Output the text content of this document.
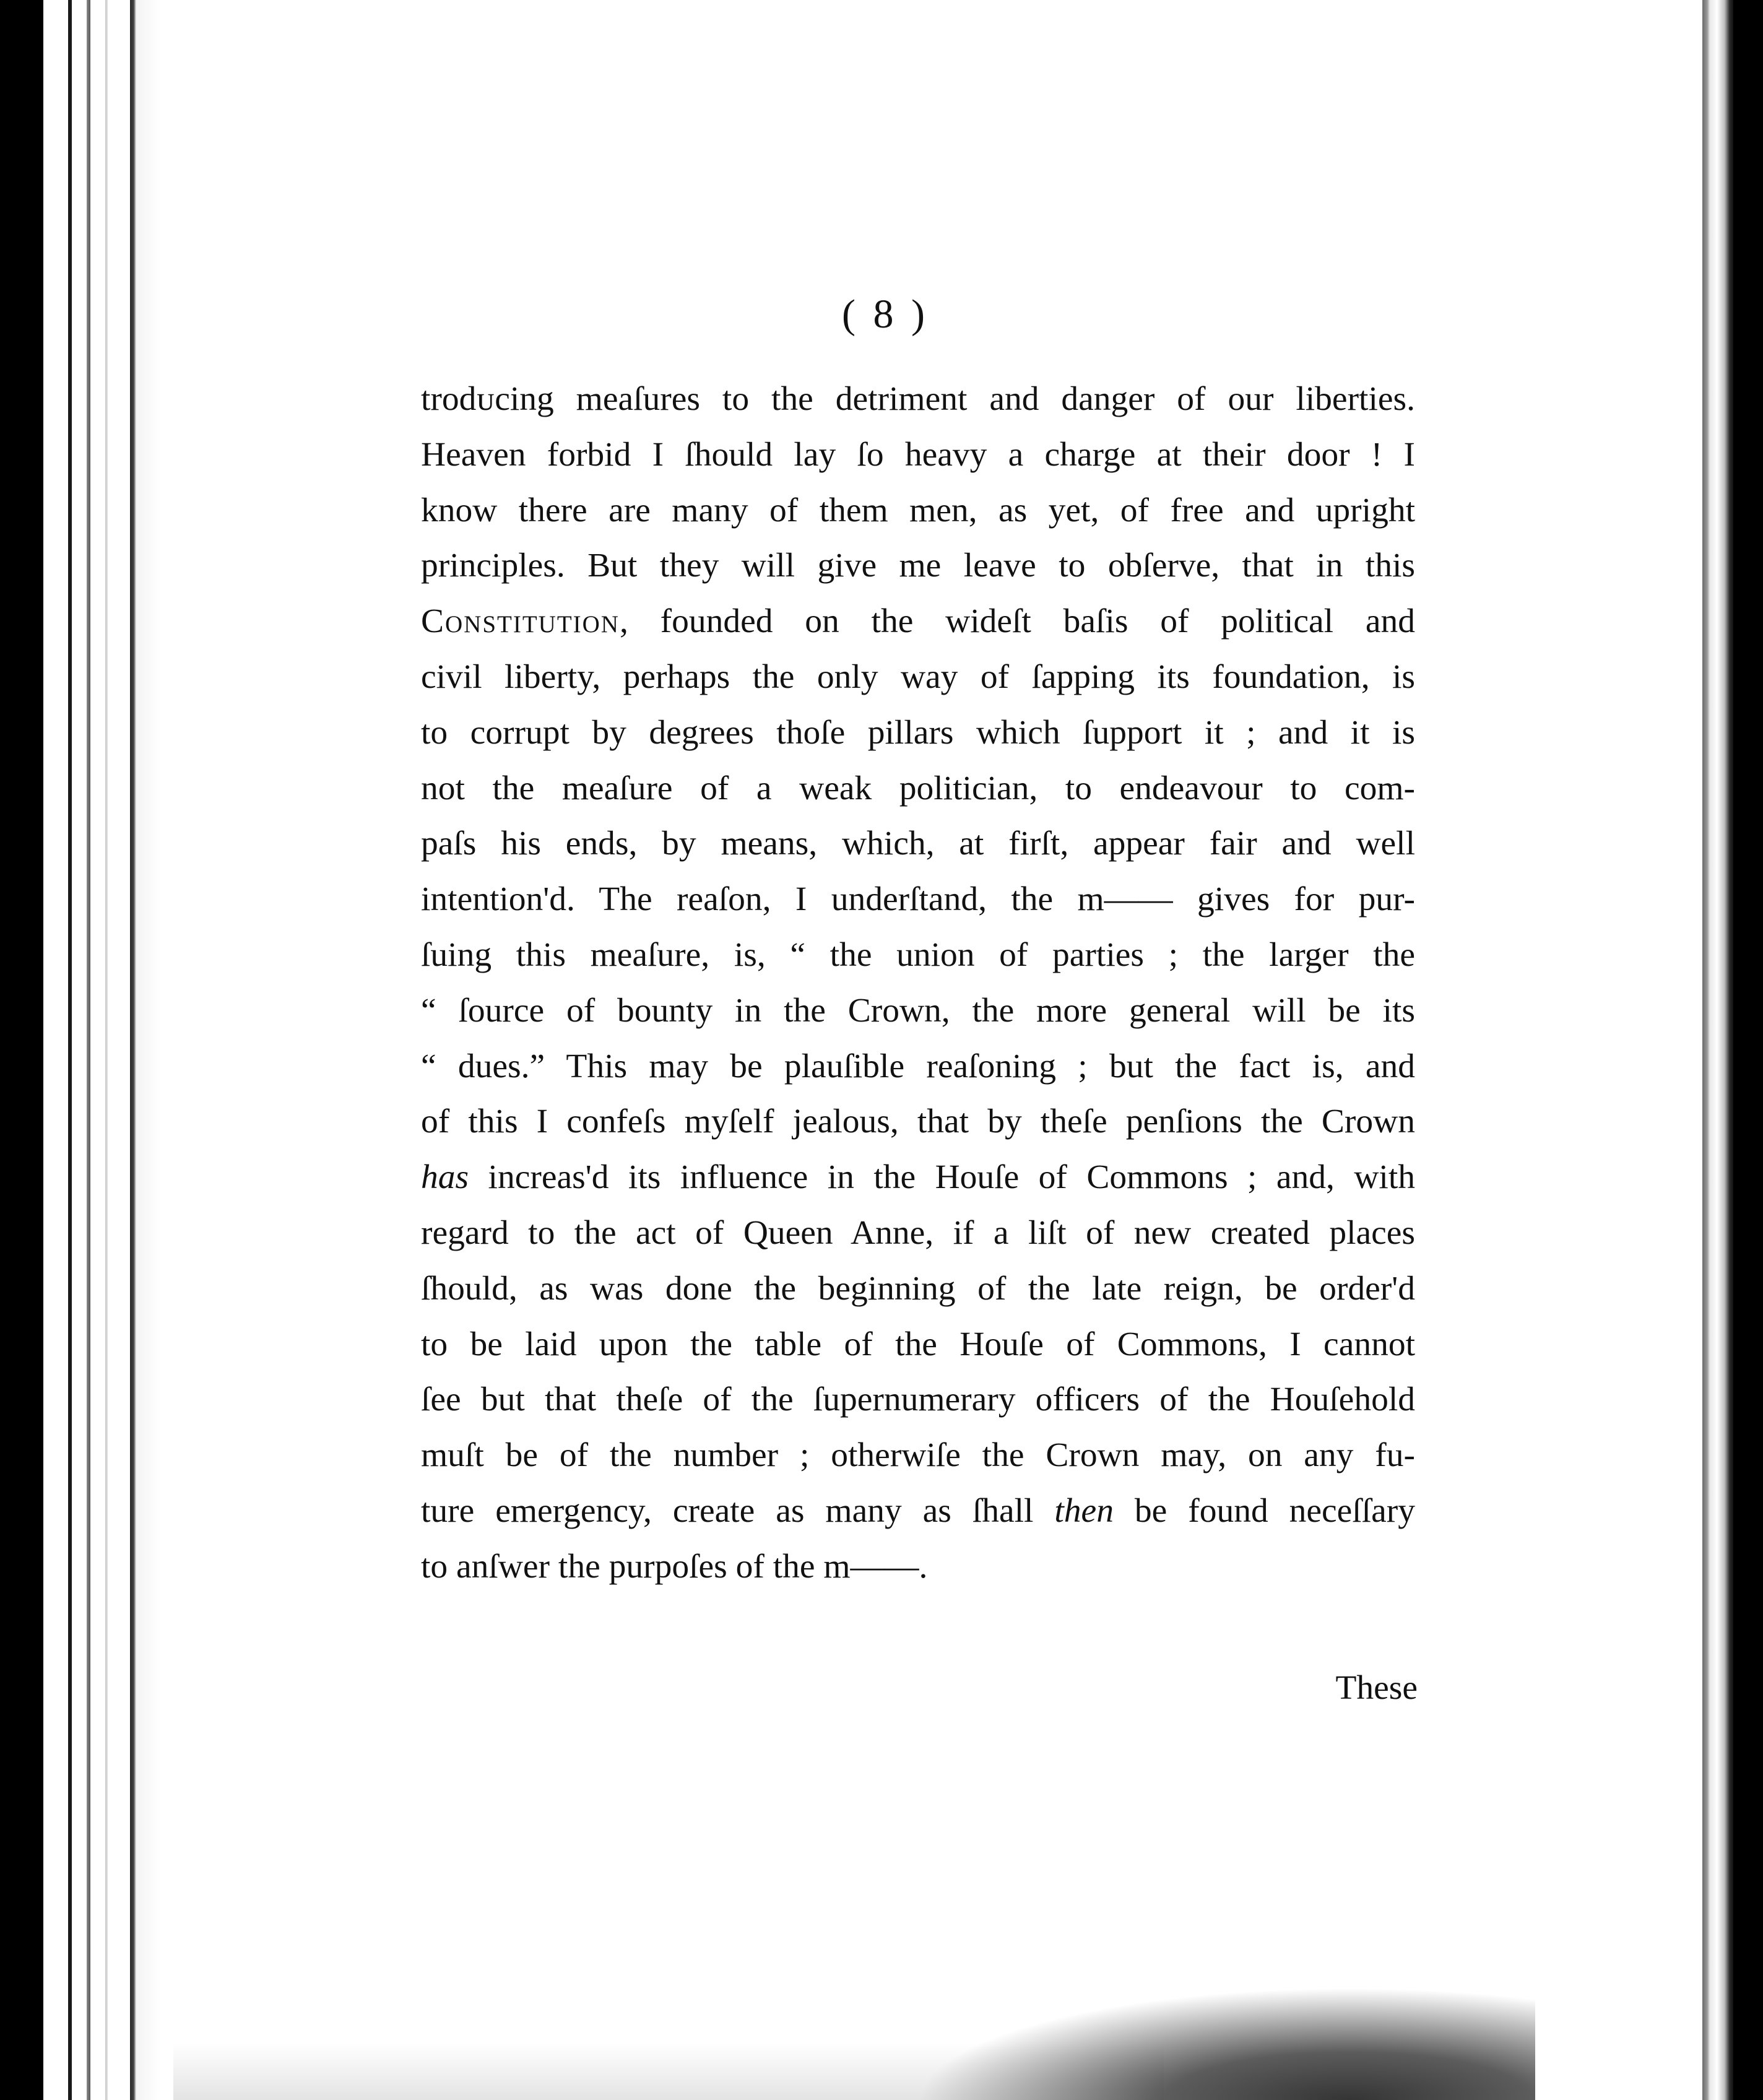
( 8 )

trodᴜcing meaſures to the detriment and danger of our liberties.
Heaven forbid I ſhould lay ſo heavy a charge at their door ! I
know there are many of them men, as yet, of free and upright
principles. But they will give me leave to obſerve, that in this
Constitution, founded on the wideſt baſis of political and
civil liberty, perhaps the only way of ſapping its foundation, is
to corrupt by degrees thoſe pillars which ſupport it ; and it is
not the meaſure of a weak politician, to endeavour to com-
paſs his ends, by means, which, at firſt, appear fair and well
intention'd. The reaſon, I underſtand, the m—— gives for pur-
ſuing this meaſure, is, “ the union of parties ; the larger the
“ ſource of bounty in the Crown, the more general will be its
“ dues.” This may be plauſible reaſoning ; but the fact is, and
of this I confeſs myſelf jealous, that by theſe penſions the Crown
has increas'd its influence in the Houſe of Commons ; and, with
regard to the act of Queen Anne, if a liſt of new created places
ſhould, as was done the beginning of the late reign, be order'd
to be laid upon the table of the Houſe of Commons, I cannot
ſee but that theſe of the ſupernumerary officers of the Houſehold
muſt be of the number ; otherwiſe the Crown may, on any fu-
ture emergency, create as many as ſhall then be found neceſſary
to anſwer the purpoſes of the m——.

These
